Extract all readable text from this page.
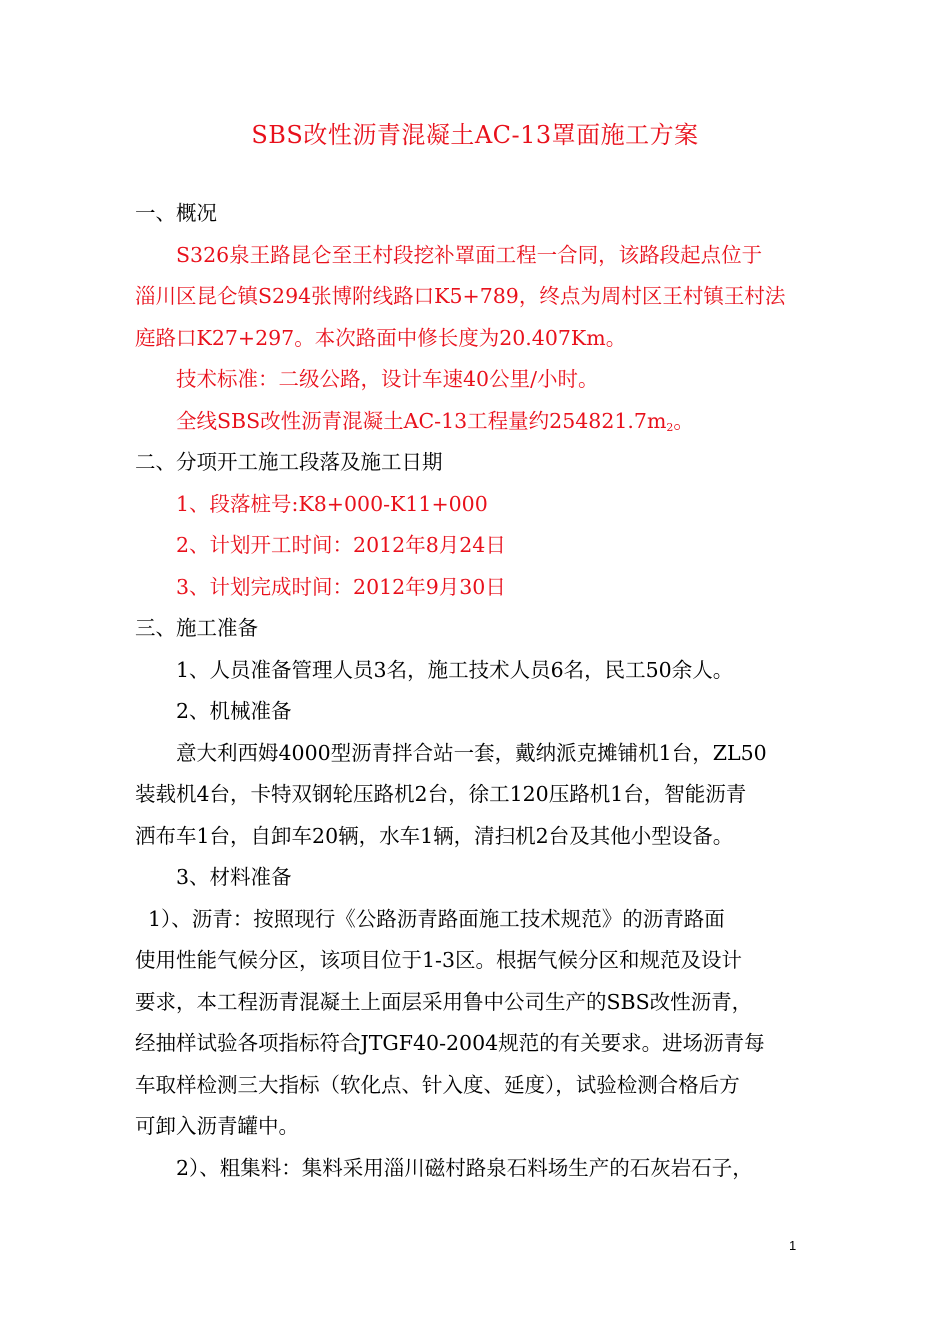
SBS改性沥青混凝土AC-13罩面施工方案
一、概况
S326泉王路昆仑至王村段挖补罩面工程一合同，该路段起点位于
淄川区昆仑镇S294张博附线路口K5+789，终点为周村区王村镇王村法
庭路口K27+297。本次路面中修长度为20.407Km。
技术标准：二级公路，设计车速40公里/小时。
全线SBS改性沥青混凝土AC-13工程量约$254821.7m_2$。
二、分项开工施工段落及施工日期
1、段落桩号:K8+000-K11+000
2、计划开工时间：2012年8月24日
3、计划完成时间：2012年9月30日
三、施工准备
1、人员准备管理人员3名，施工技术人员6名，民工50余人。
2、机械准备
意大利西姆4000型沥青拌合站一套，戴纳派克摊铺机1台，ZL50
装载机4台，卡特双钢轮压路机2台，徐工120压路机1台，智能沥青
洒布车1台，自卸车20辆，水车1辆，清扫机2台及其他小型设备。
3、材料准备
1）、沥青：按照现行《公路沥青路面施工技术规范》的沥青路面
使用性能气候分区，该项目位于1-3区。根据气候分区和规范及设计
要求，本工程沥青混凝土上面层采用鲁中公司生产的SBS改性沥青，
经抽样试验各项指标符合JTGF40-2004规范的有关要求。进场沥青每
车取样检测三大指标（软化点、针入度、延度），试验检测合格后方
可卸入沥青罐中。
2）、粗集料：集料采用淄川磁村路泉石料场生产的石灰岩石子，
1
